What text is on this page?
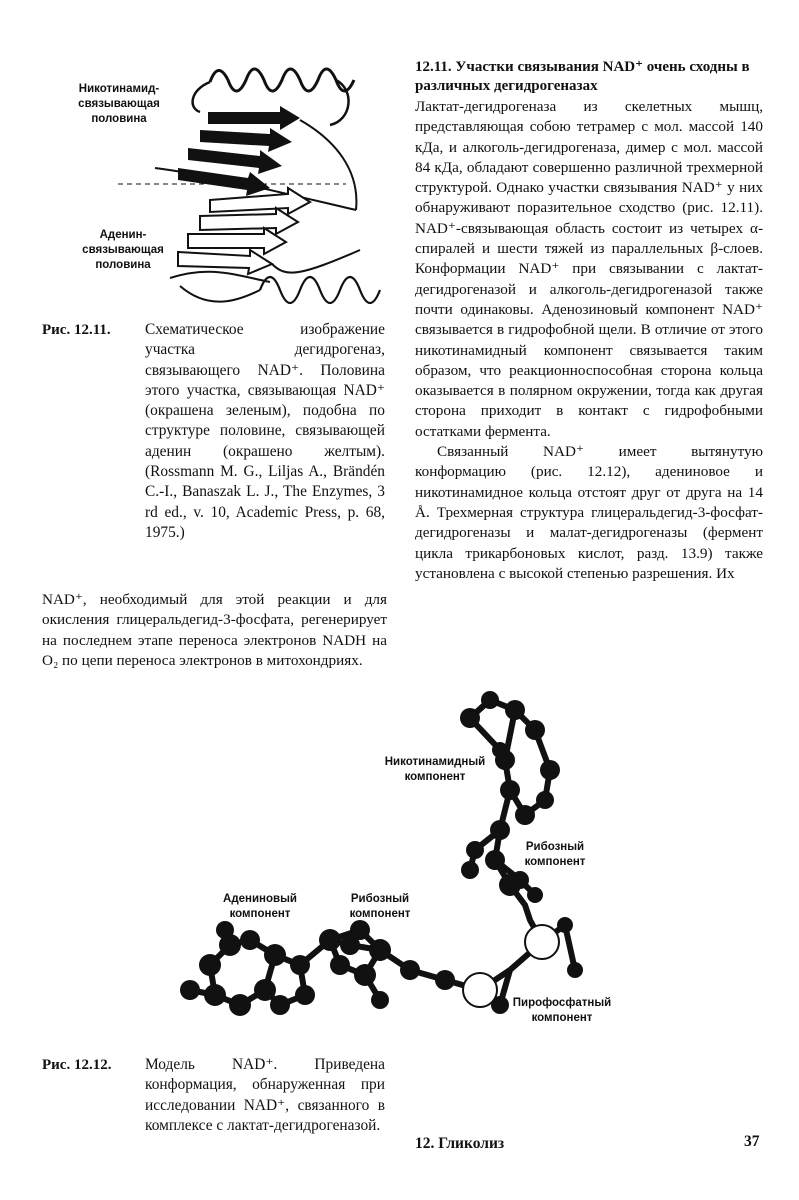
Никотинамид-
связывающая
половина
Аденин-
связывающая
половина
Рис. 12.11. Схематическое изображение участка дегидрогеназ, связывающего NAD⁺. Половина этого участка, связывающая NAD⁺ (окрашена зеленым), подобна по структуре половине, связывающей аденин (окрашено желтым). (Rossmann M. G., Liljas A., Brändén C.-I., Banaszak L. J., The Enzymes, 3 rd ed., v. 10, Academic Press, p. 68, 1975.)
12.11. Участки связывания NAD⁺ очень сходны в различных дегидрогеназах

Лактат-дегидрогеназа из скелетных мышц, представляющая собою тетрамер с мол. массой 140 кДа, и алкоголь-дегидрогеназа, димер с мол. массой 84 кДа, обладают совершенно различной трехмерной структурой. Однако участки связывания NAD⁺ у них обнаруживают поразительное сходство (рис. 12.11). NAD⁺-связывающая область состоит из четырех α-спиралей и шести тяжей из параллельных β-слоев. Конформации NAD⁺ при связывании с лактат-дегидрогеназой и алкоголь-дегидрогеназой также почти одинаковы. Аденозиновый компонент NAD⁺ связывается в гидрофобной щели. В отличие от этого никотинамидный компонент связывается таким образом, что реакционноспособная сторона кольца оказывается в полярном окружении, тогда как другая сторона приходит в контакт с гидрофобными остатками фермента.

Связанный NAD⁺ имеет вытянутую конформацию (рис. 12.12), адениновое и никотинамидное кольца отстоят друг от друга на 14 Å. Трехмерная структура глицеральдегид-3-фосфат-дегидрогеназы и малат-дегидрогеназы (фермент цикла трикарбоновых кислот, разд. 13.9) также установлена с высокой степенью разрешения. Их

NAD⁺, необходимый для этой реакции и для окисления глицеральдегид-3-фосфата, регенерирует на последнем этапе переноса электронов NADH на O₂ по цепи переноса электронов в митохондриях.
Никотинамидный
компонент
Рибозный
компонент
Адениновый
компонент
Рибозный
компонент
Пирофосфатный
компонент
Рис. 12.12. Модель NAD⁺. Приведена конформация, обнаруженная при исследовании NAD⁺, связанного в комплексе с лактат-дегидрогеназой.
12. Гликолиз	37
